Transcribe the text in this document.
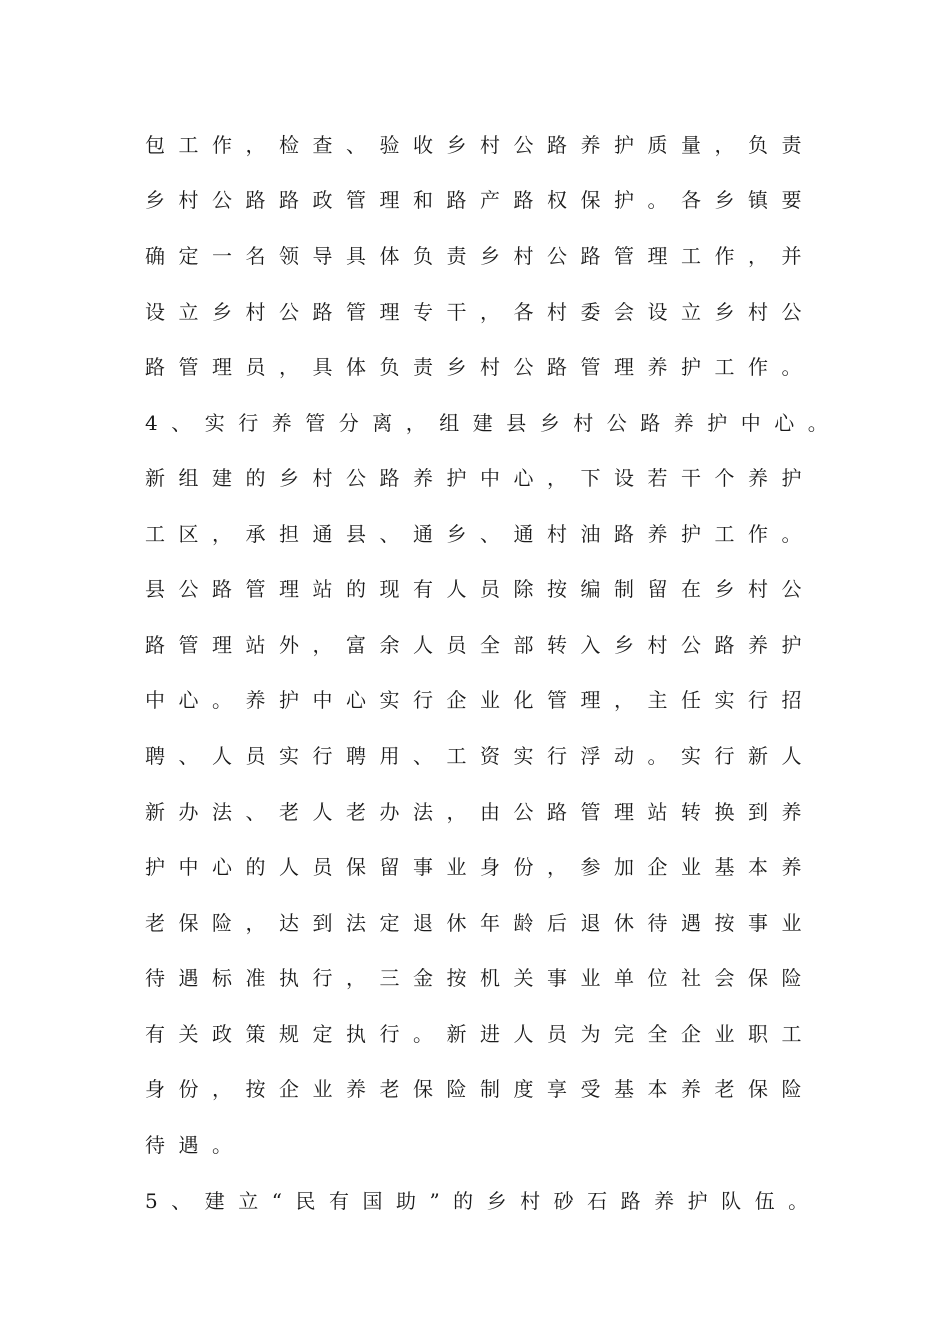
包工作，检查、验收乡村公路养护质量，负责
乡村公路路政管理和路产路权保护。各乡镇要
确定一名领导具体负责乡村公路管理工作，并
设立乡村公路管理专干，各村委会设立乡村公
路管理员，具体负责乡村公路管理养护工作。
4、实行养管分离，组建县乡村公路养护中心。
新组建的乡村公路养护中心，下设若干个养护
工区，承担通县、通乡、通村油路养护工作。
县公路管理站的现有人员除按编制留在乡村公
路管理站外，富余人员全部转入乡村公路养护
中心。养护中心实行企业化管理，主任实行招
聘、人员实行聘用、工资实行浮动。实行新人
新办法、老人老办法，由公路管理站转换到养
护中心的人员保留事业身份，参加企业基本养
老保险，达到法定退休年龄后退休待遇按事业
待遇标准执行，三金按机关事业单位社会保险
有关政策规定执行。新进人员为完全企业职工
身份，按企业养老保险制度享受基本养老保险
待遇。
5、建立“民有国助”的乡村砂石路养护队伍。
